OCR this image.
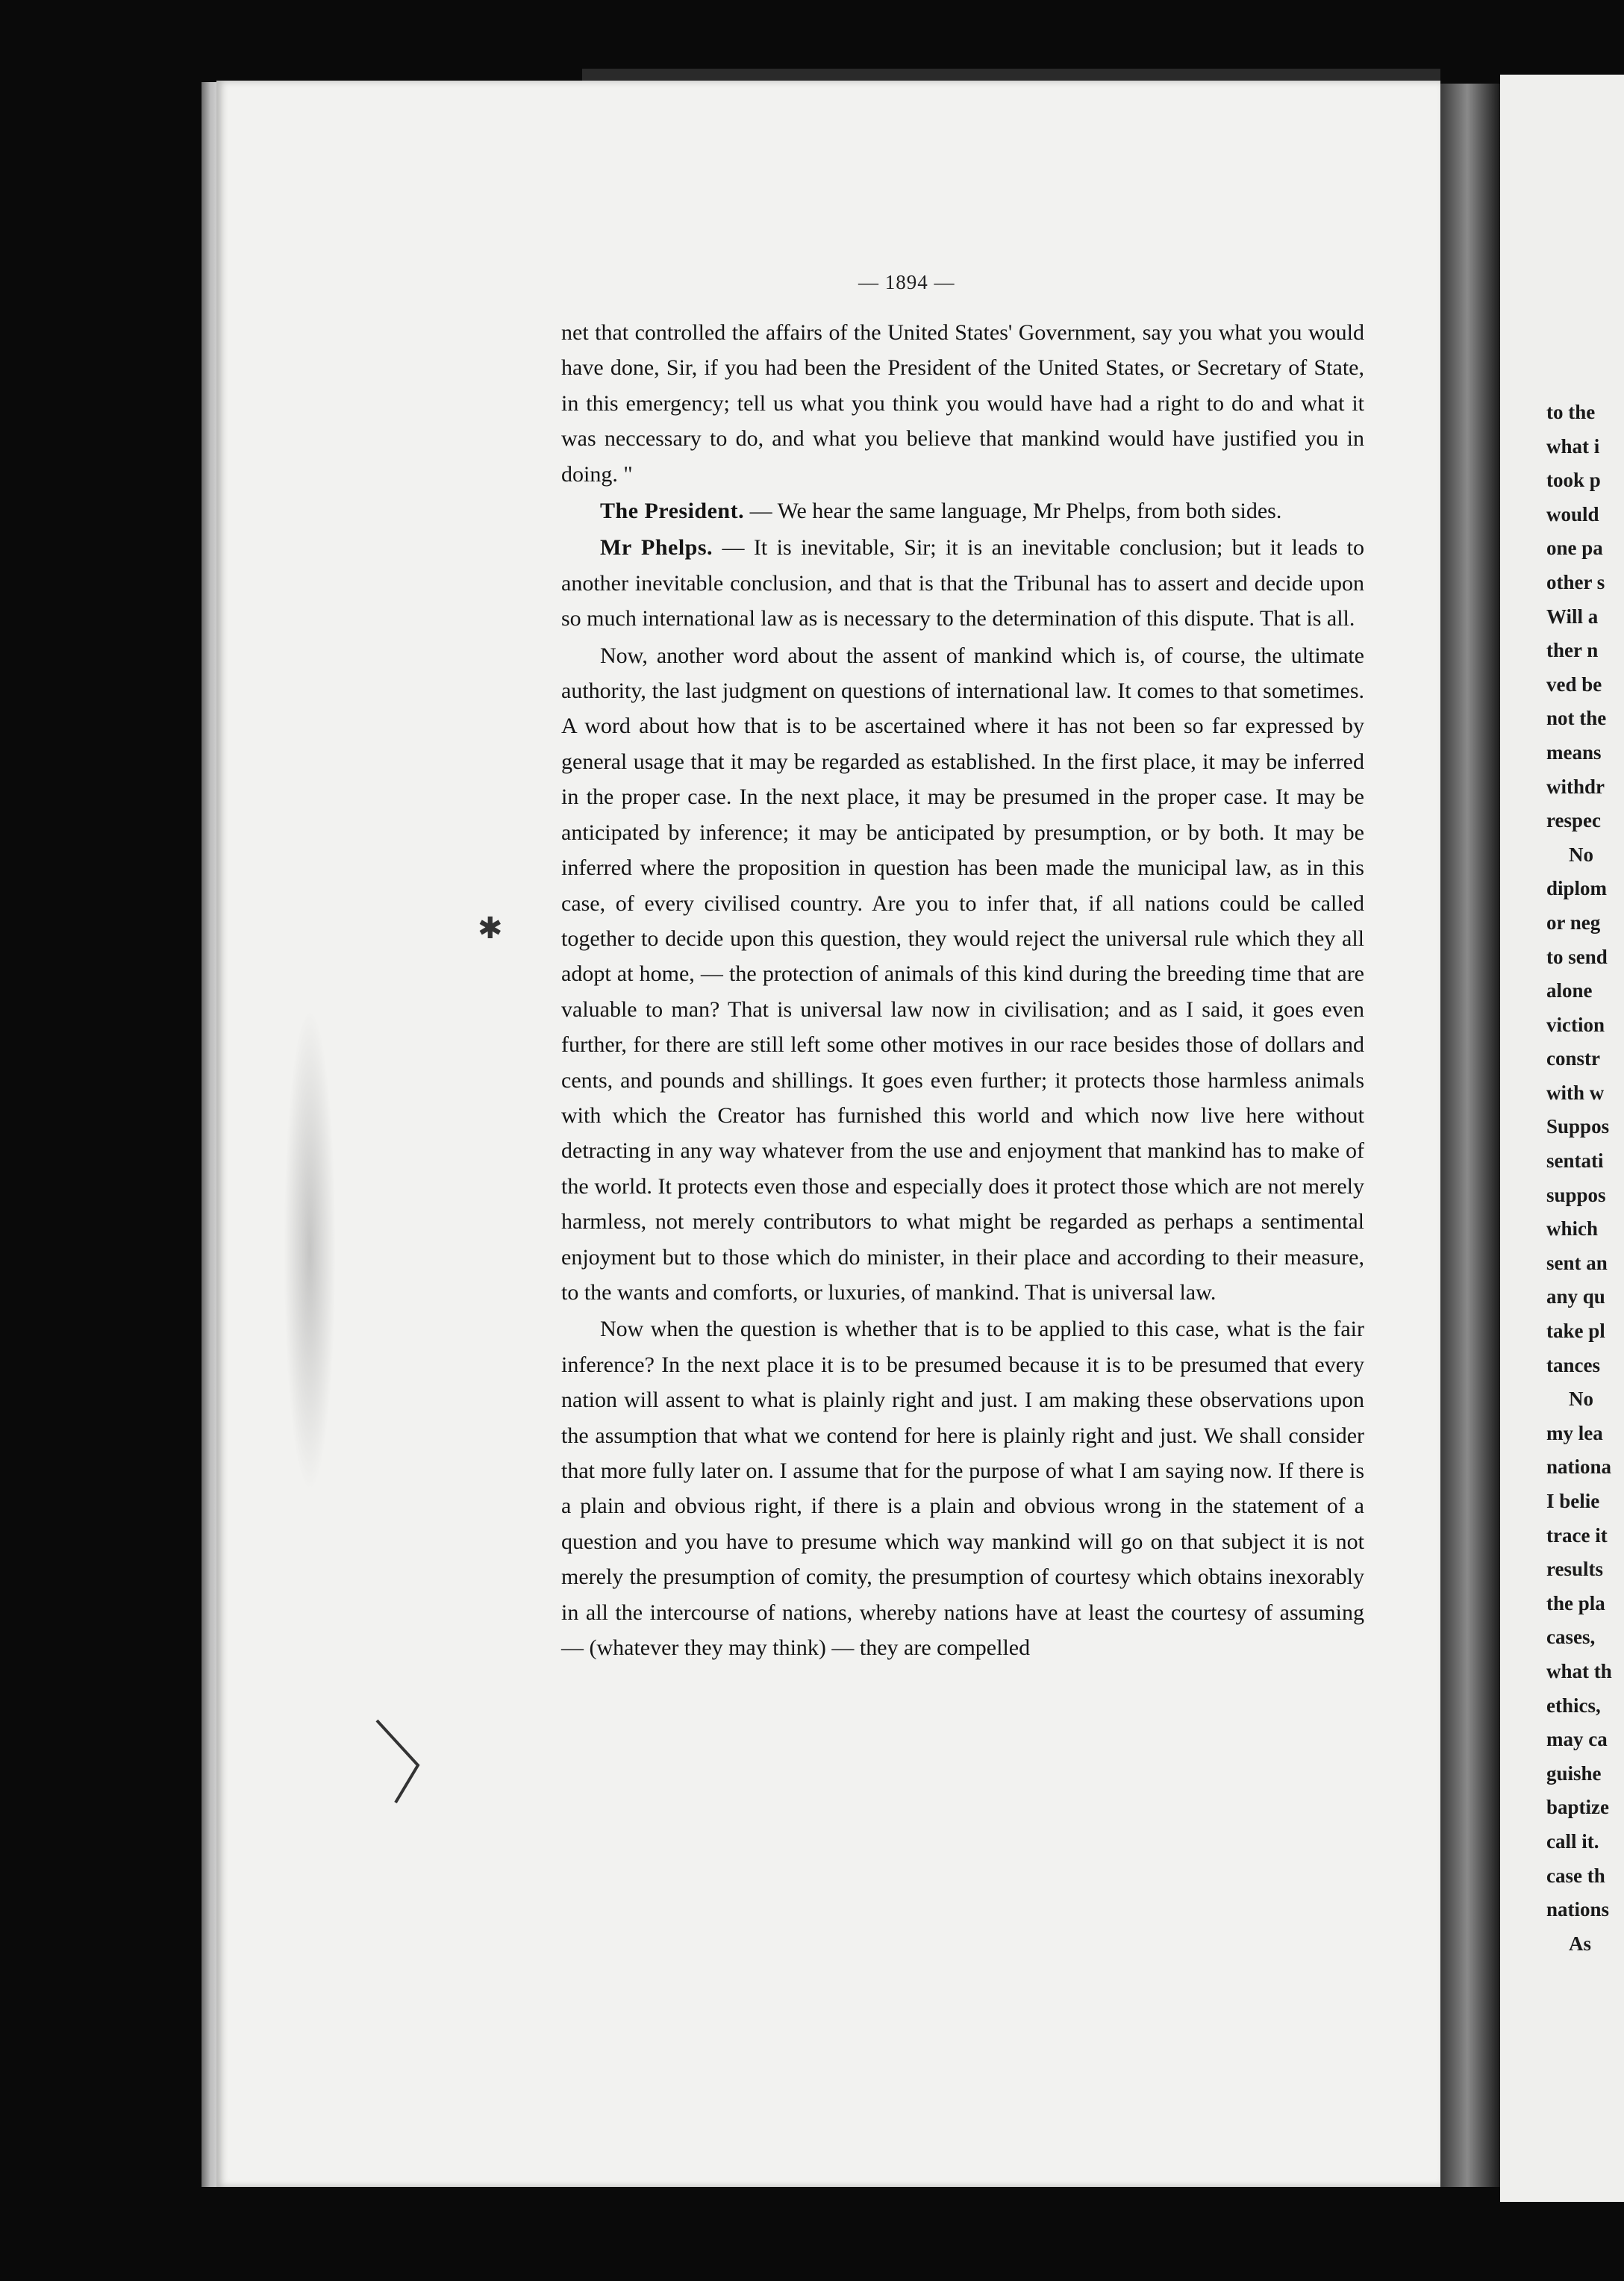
✱
— 1894 —

net that controlled the affairs of the United States' Government, say you what you would have done, Sir, if you had been the President of the United States, or Secretary of State, in this emergency; tell us what you think you would have had a right to do and what it was neccessary to do, and what you believe that mankind would have justified you in doing. "

The President. — We hear the same language, Mr Phelps, from both sides.

Mr Phelps. — It is inevitable, Sir; it is an inevitable conclusion; but it leads to another inevitable conclusion, and that is that the Tribunal has to assert and decide upon so much international law as is necessary to the determination of this dispute. That is all.

Now, another word about the assent of mankind which is, of course, the ultimate authority, the last judgment on questions of international law. It comes to that sometimes. A word about how that is to be ascertained where it has not been so far expressed by general usage that it may be regarded as established. In the first place, it may be inferred in the proper case. In the next place, it may be presumed in the proper case. It may be anticipated by inference; it may be anticipated by presumption, or by both. It may be inferred where the proposition in question has been made the municipal law, as in this case, of every civilised country. Are you to infer that, if all nations could be called together to decide upon this question, they would reject the universal rule which they all adopt at home, — the protection of animals of this kind during the breeding time that are valuable to man? That is universal law now in civilisation; and as I said, it goes even further, for there are still left some other motives in our race besides those of dollars and cents, and pounds and shillings. It goes even further; it protects those harmless animals with which the Creator has furnished this world and which now live here without detracting in any way whatever from the use and enjoyment that mankind has to make of the world. It protects even those and especially does it protect those which are not merely harmless, not merely contributors to what might be regarded as perhaps a sentimental enjoyment but to those which do minister, in their place and according to their measure, to the wants and comforts, or luxuries, of mankind. That is universal law.

Now when the question is whether that is to be applied to this case, what is the fair inference? In the next place it is to be presumed because it is to be presumed that every nation will assent to what is plainly right and just. I am making these observations upon the assumption that what we contend for here is plainly right and just. We shall consider that more fully later on. I assume that for the purpose of what I am saying now. If there is a plain and obvious right, if there is a plain and obvious wrong in the statement of a question and you have to presume which way mankind will go on that subject it is not merely the presumption of comity, the presumption of courtesy which obtains inexorably in all the intercourse of nations, whereby nations have at least the courtesy of assuming — (whatever they may think) — they are compelled

to the
what i
took p
would
one pa
other s
Will a
ther n
ved be
not the
means
withdr
respec
No
diplom
or neg
to send
alone
viction
constr
with w
Suppos
sentati
suppos
which
sent an
any qu
take pl
tances
No
my lea
nationa
I belie
trace it
results
the pla
cases,
what th
ethics,
may ca
guishe
baptize
call it.
case th
nations
As
